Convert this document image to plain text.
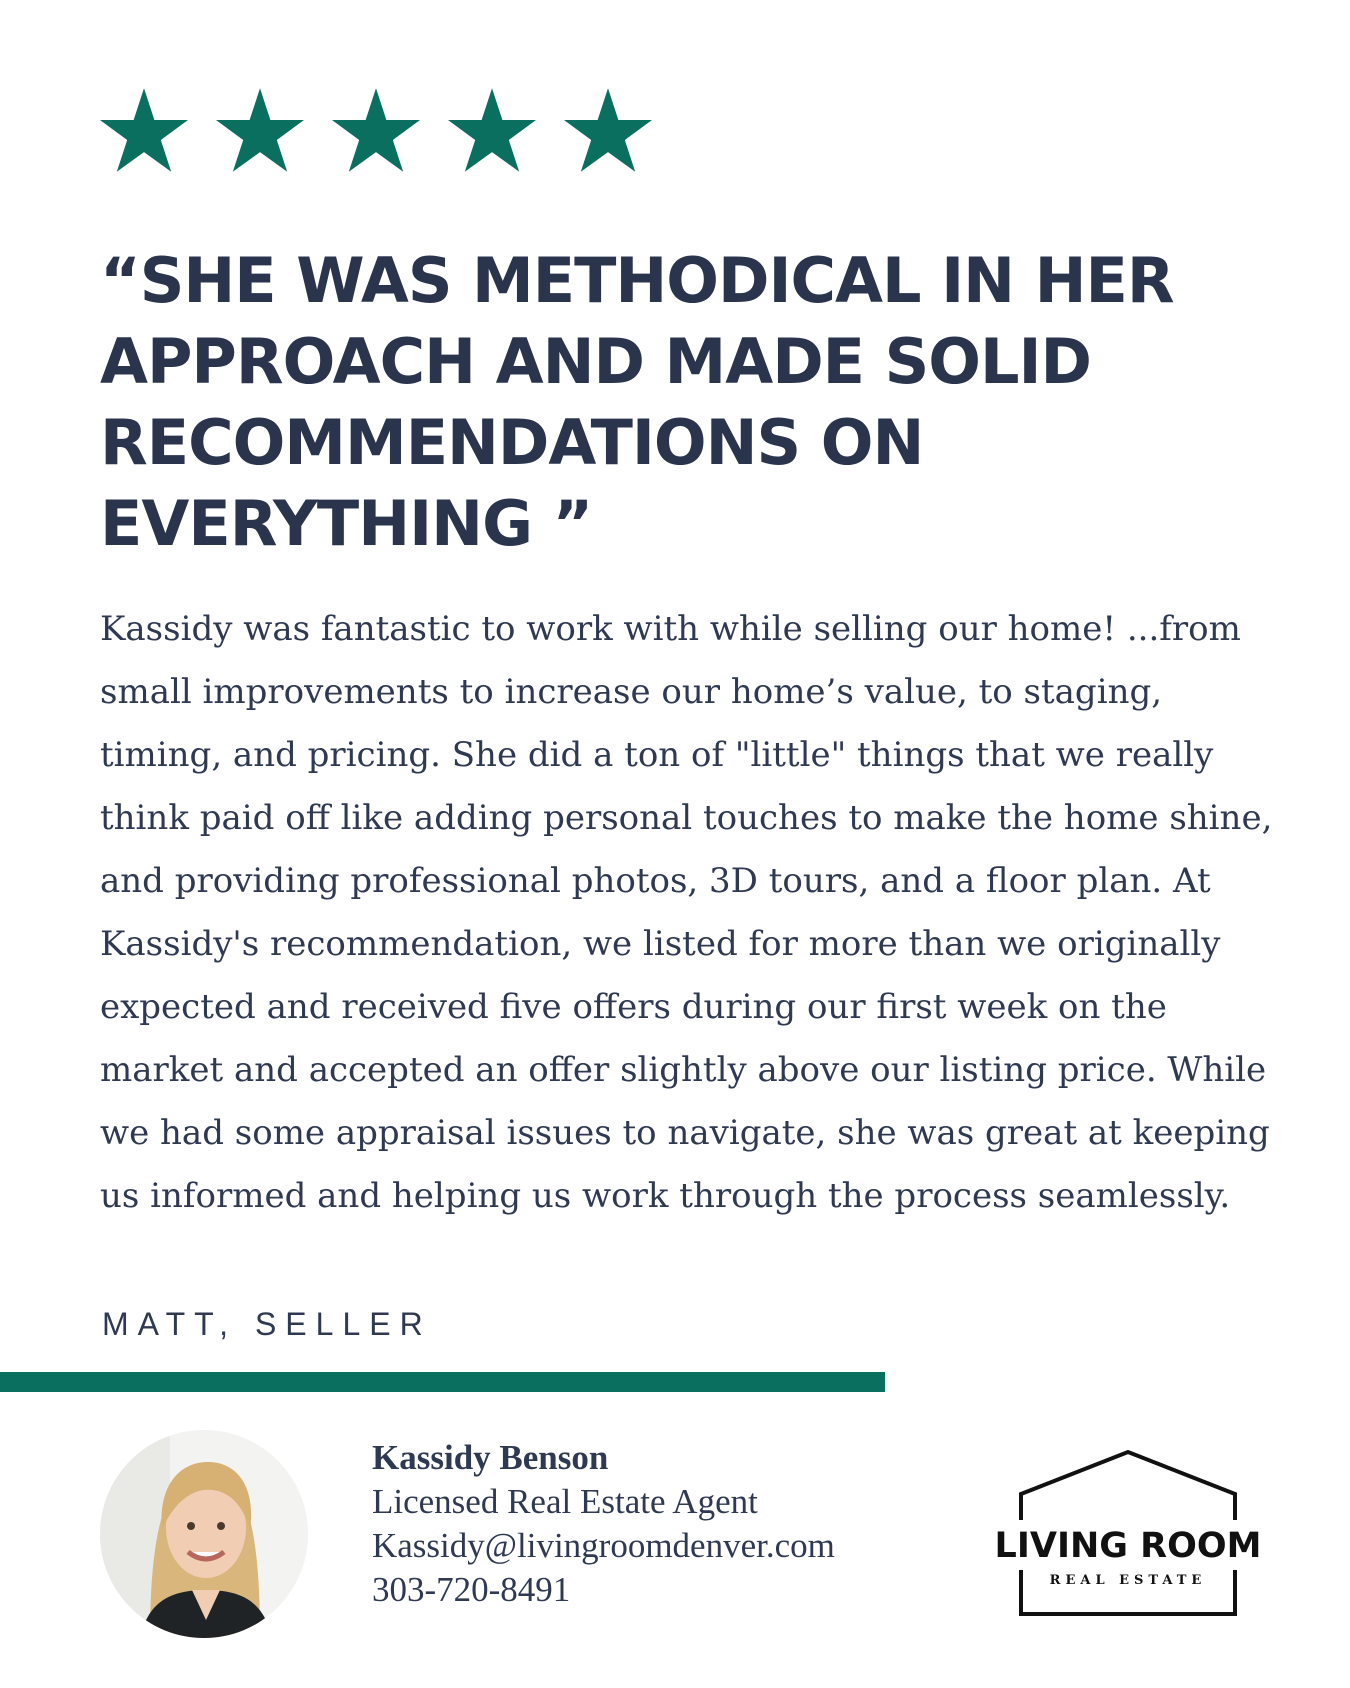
“SHE WAS METHODICAL IN HER APPROACH AND MADE SOLID RECOMMENDATIONS ON EVERYTHING ”

Kassidy was fantastic to work with while selling our home! ...from small improvements to increase our home’s value, to staging, timing, and pricing. She did a ton of "little" things that we really think paid off like adding personal touches to make the home shine, and providing professional photos, 3D tours, and a floor plan. At Kassidy's recommendation, we listed for more than we originally expected and received five offers during our first week on the market and accepted an offer slightly above our listing price. While we had some appraisal issues to navigate, she was great at keeping us informed and helping us work through the process seamlessly.

MATT, SELLER
Kassidy Benson
Licensed Real Estate Agent
Kassidy@livingroomdenver.com
303-720-8491
LIVING ROOM
REAL ESTATE
